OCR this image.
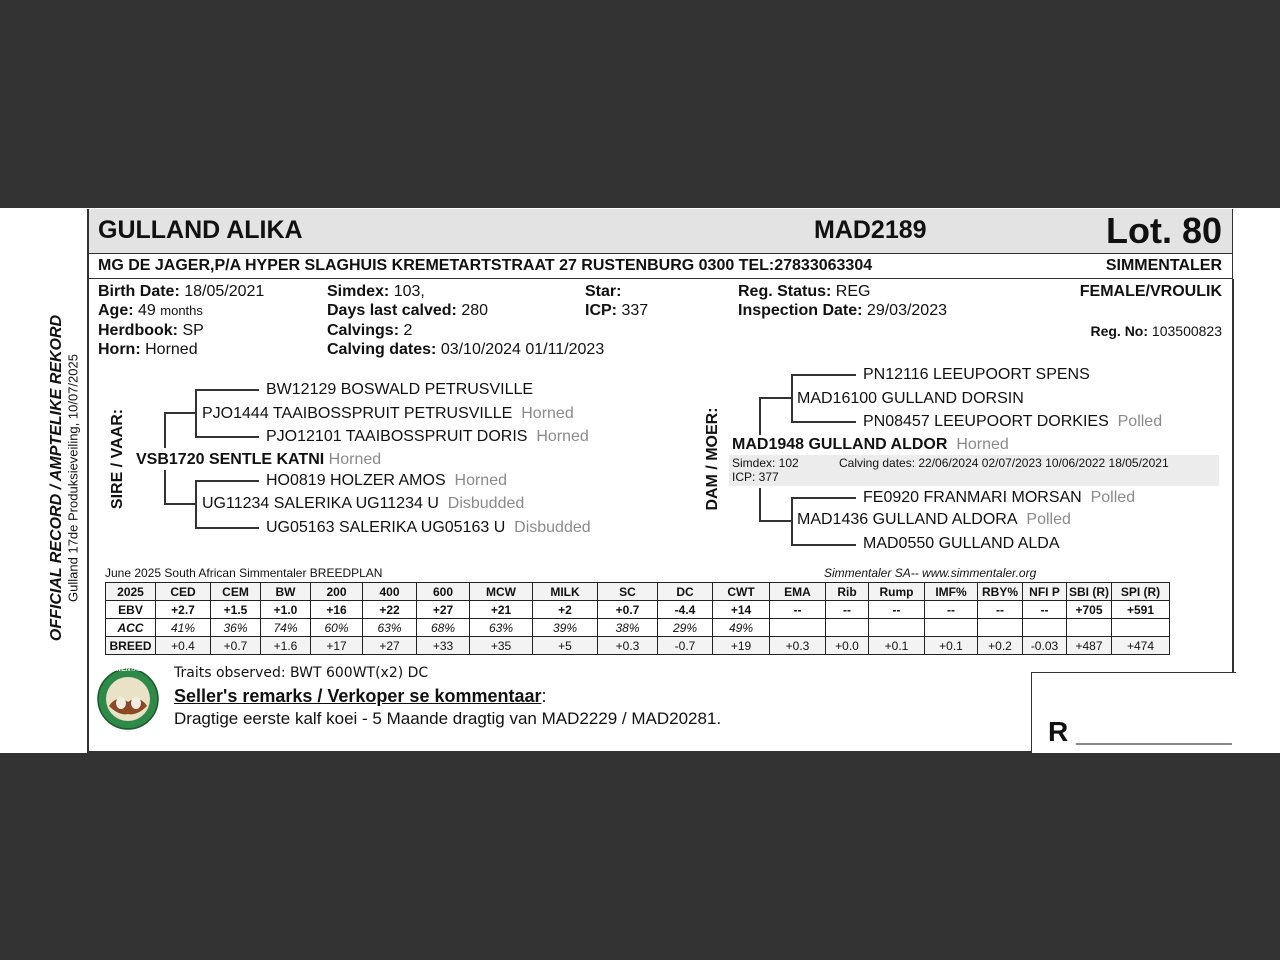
OFFICIAL RECORD / AMPTELIKE REKORD Gulland 17de Produksieveiling, 10/07/2025
GULLAND ALIKA	MAD2189	Lot. 80
MG DE JAGER,P/A HYPER SLAGHUIS KREMETARTSTRAAT 27 RUSTENBURG 0300 TEL:27833063304	SIMMENTALER
Birth Date: 18/05/2021
Age: 49 months
Herdbook: SP
Horn: Horned
Simdex: 103,
Days last calved: 280
Calvings: 2
Calving dates: 03/10/2024 01/11/2023
Star:
ICP: 337
Reg. Status: REG
Inspection Date: 29/03/2023
FEMALE/VROULIK
Reg. No: 103500823
SIRE / VAAR:
BW12129 BOSWALD PETRUSVILLE
PJO1444 TAAIBOSSPRUIT PETRUSVILLE Horned
PJO12101 TAAIBOSSPRUIT DORIS Horned
VSB1720 SENTLE KATNI Horned
HO0819 HOLZER AMOS Horned
UG11234 SALERIKA UG11234 U Disbudded
UG05163 SALERIKA UG05163 U Disbudded
DAM / MOER:
PN12116 LEEUPOORT SPENS
MAD16100 GULLAND DORSIN
PN08457 LEEUPOORT DORKIES Polled
MAD1948 GULLAND ALDOR Horned
Simdex: 102	Calving dates: 22/06/2024 02/07/2023 10/06/2022 18/05/2021
ICP: 377
FE0920 FRANMARI MORSAN Polled
MAD1436 GULLAND ALDORA Polled
MAD0550 GULLAND ALDA
June 2025 South African Simmentaler BREEDPLAN	Simmentaler SA-- www.simmentaler.org
2025	CED	CEM	BW	200	400	600	MCW	MILK	SC	DC	CWT	EMA	Rib	Rump	IMF%	RBY%	NFI P	SBI (R)	SPI (R)
EBV	+2.7	+1.5	+1.0	+16	+22	+27	+21	+2	+0.7	-4.4	+14	--	--	--	--	--	--	+705	+591
ACC	41%	36%	74%	60%	63%	68%	63%	39%	38%	29%	49%								
BREED	+0.4	+0.7	+1.6	+17	+27	+33	+35	+5	+0.3	-0.7	+19	+0.3	+0.0	+0.1	+0.1	+0.2	-0.03	+487	+474
SIMMENTALER	Traits observed: BWT 600WT(x2) DC
Seller's remarks / Verkoper se kommentaar:
Dragtige eerste kalf koei - 5 Maande dragtig van MAD2229 / MAD20281.	R __________
